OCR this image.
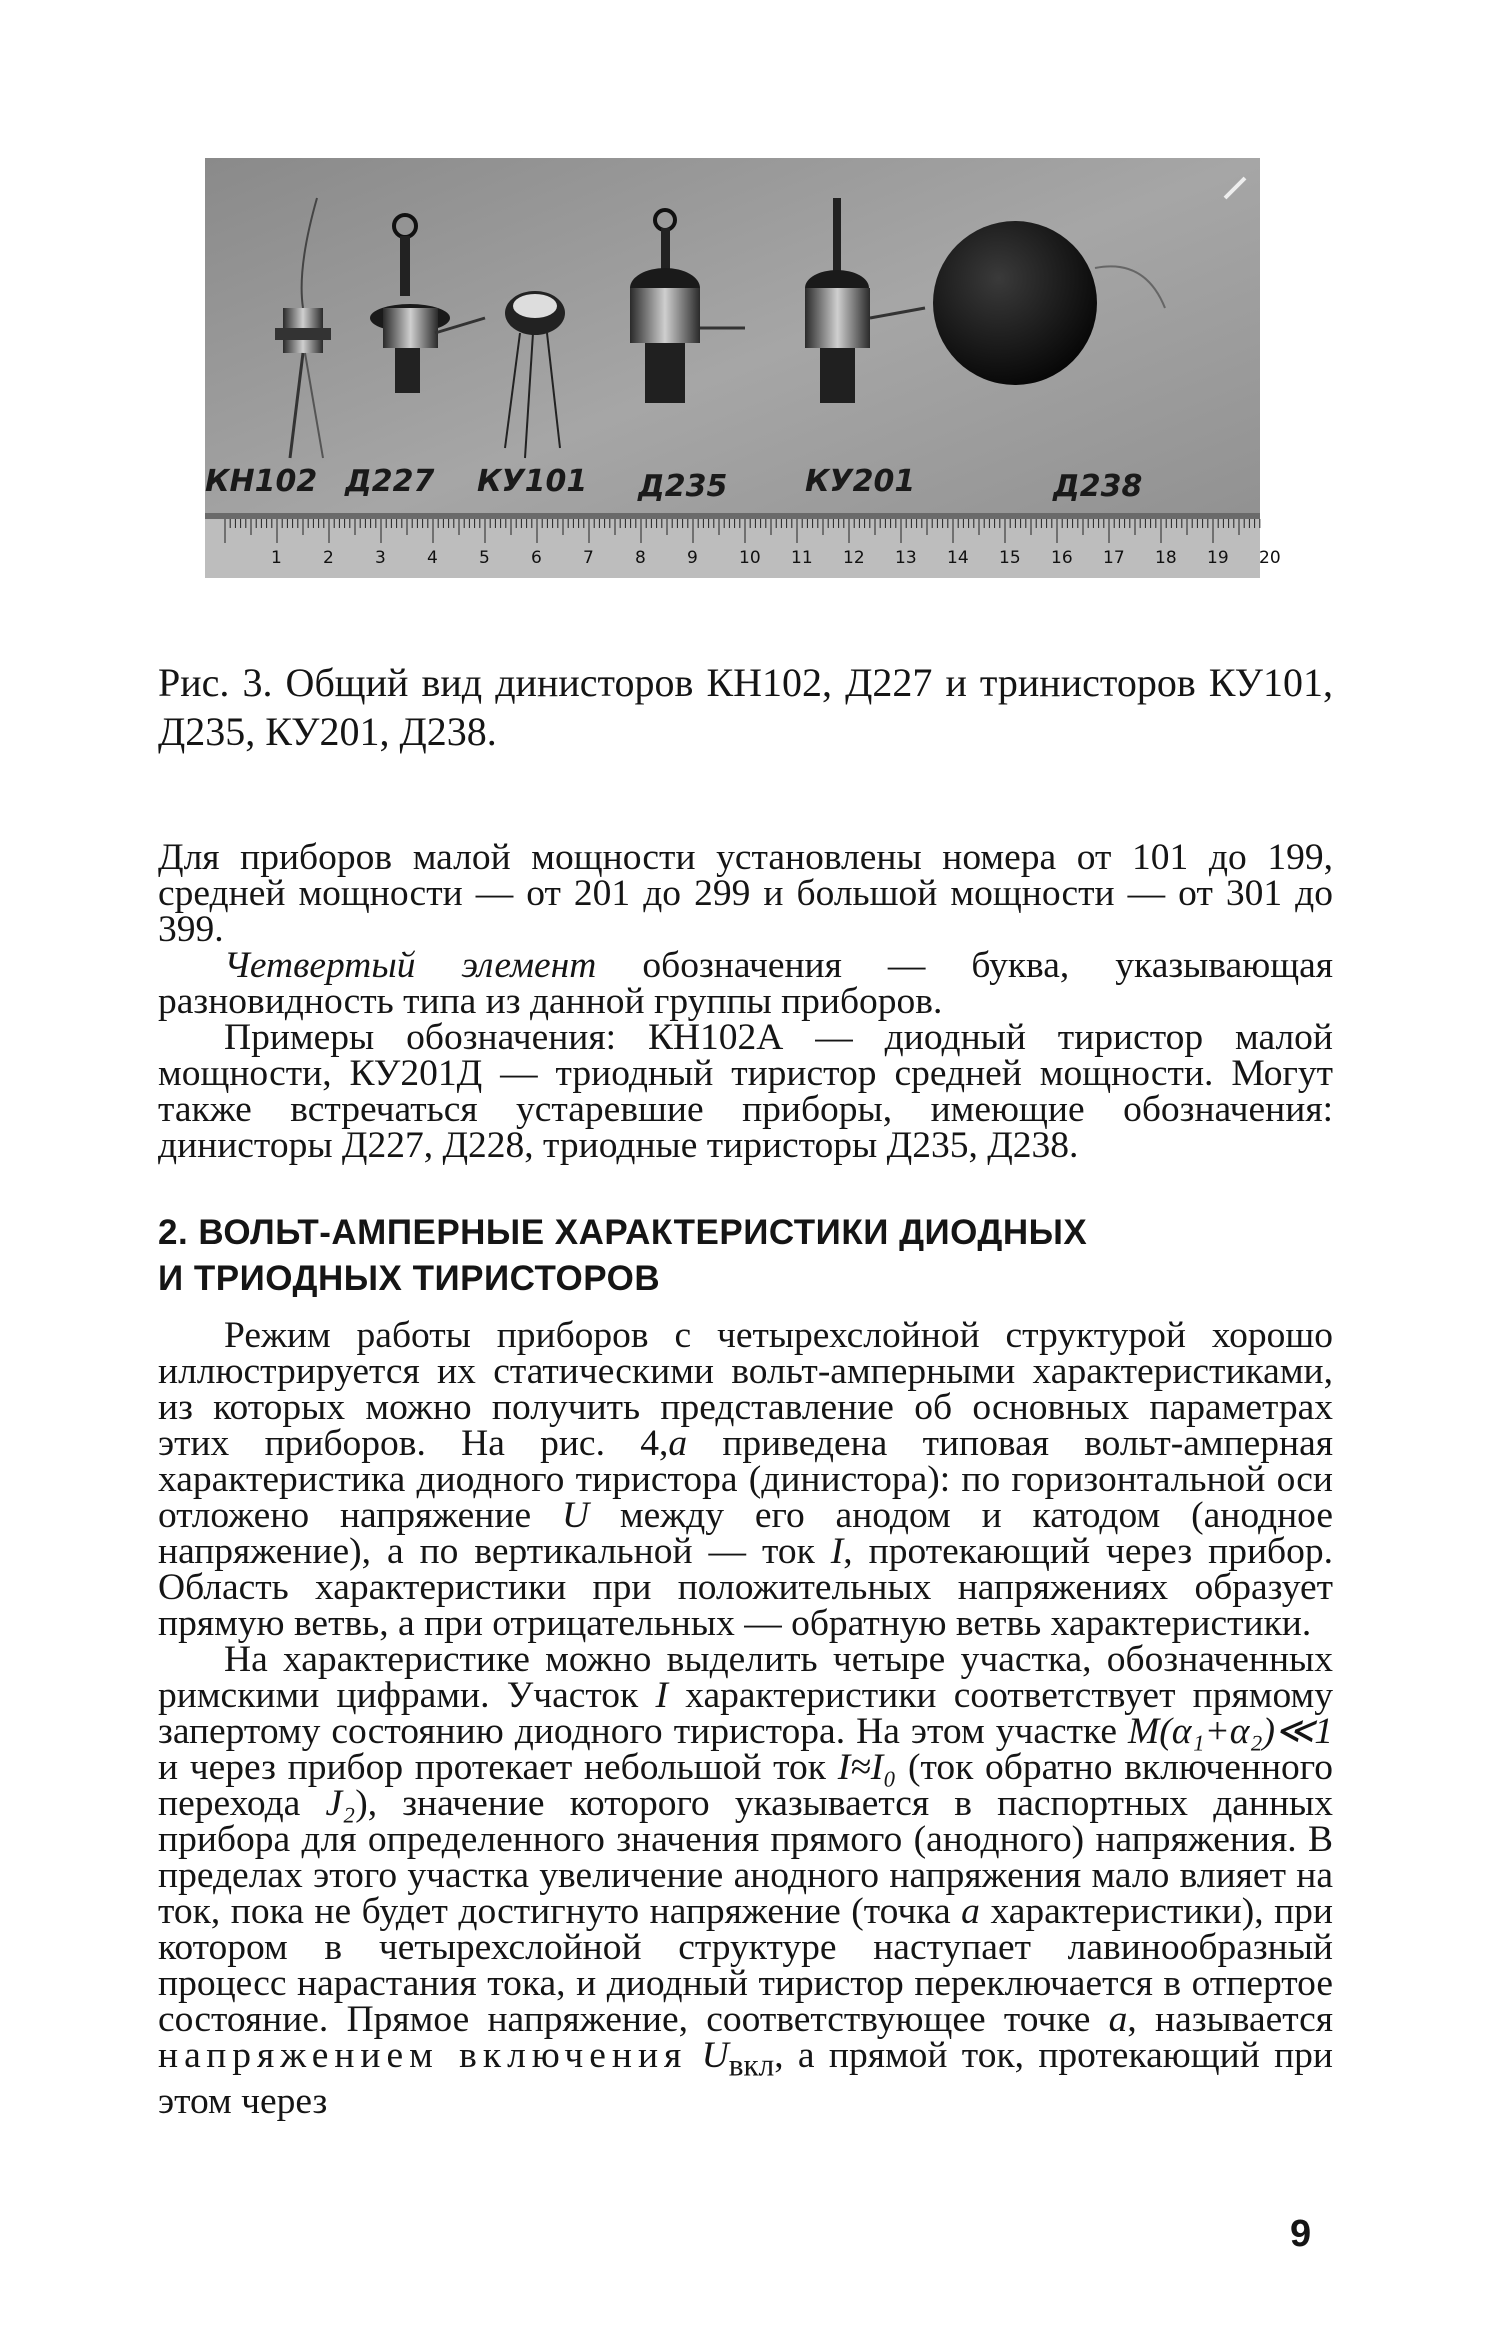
КН102 Д227 КУ101 Д235	КУ201	Д238
1 2 3 4 5 6 7 8 9 10 11 12 13 14 15 16 17 18 19 20
Рис. 3. Общий вид динисторов КН102, Д227 и тринисторов КУ101, Д235, КУ201, Д238.

Для приборов малой мощности установлены номера от 101 до 199, средней мощности — от 201 до 299 и большой мощности — от 301 до 399.

Четвертый элемент обозначения — буква, указывающая разновидность типа из данной группы приборов.

Примеры обозначения: КН102А — диодный тиристор малой мощности, КУ201Д — триодный тиристор средней мощности. Могут также встречаться устаревшие приборы, имеющие обозначения: динисторы Д227, Д228, триодные тиристоры Д235, Д238.

2. ВОЛЬТ-АМПЕРНЫЕ ХАРАКТЕРИСТИКИ ДИОДНЫХ
И ТРИОДНЫХ ТИРИСТОРОВ

Режим работы приборов с четырехслойной структурой хорошо иллюстрируется их статическими вольт-амперными характеристиками, из которых можно получить представление об основных параметрах этих приборов. На рис. 4,а приведена типовая вольт-амперная характеристика диодного тиристора (динистора): по горизонтальной оси отложено напряжение U между его анодом и катодом (анодное напряжение), а по вертикальной — ток I, протекающий через прибор. Область характеристики при положительных напряжениях образует прямую ветвь, а при отрицательных — обратную ветвь характеристики.

На характеристике можно выделить четыре участка, обозначенных римскими цифрами. Участок I характеристики соответствует прямому запертому состоянию диодного тиристора. На этом участке M(α₁+α₂)≪1 и через прибор протекает небольшой ток I≈I₀ (ток обратно включенного перехода J₂), значение которого указывается в паспортных данных прибора для определенного значения прямого (анодного) напряжения. В пределах этого участка увеличение анодного напряжения мало влияет на ток, пока не будет достигнуто напряжение (точка а характеристики), при котором в четырехслойной структуре наступает лавинообразный процесс нарастания тока, и диодный тиристор переключается в отпертое состояние. Прямое напряжение, соответствующее точке а, называется напряжением включения $U_{вкл}$, а прямой ток, протекающий при этом через

9
